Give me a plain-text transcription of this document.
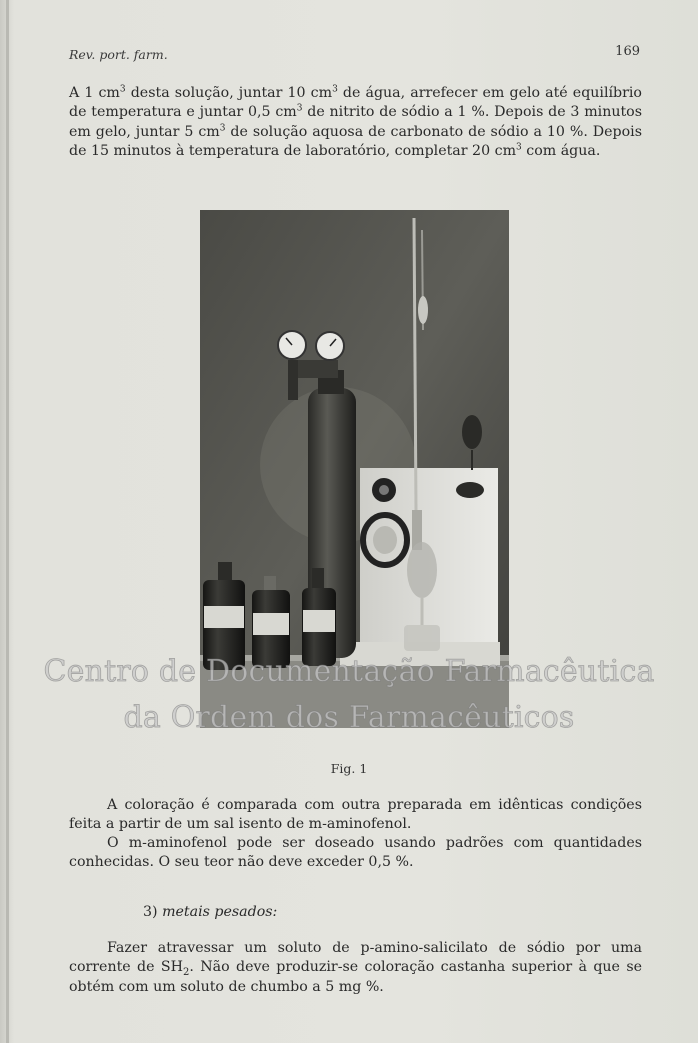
Rev. port. farm.	169

A 1 $cm^3$ desta solução, juntar 10 $cm^3$ de água, arrefecer em gelo até equilíbrio de temperatura e juntar 0,5 $cm^3$ de nitrito de sódio a 1 %. Depois de 3 minutos em gelo, juntar 5 $cm^3$ de solução aquosa de carbonato de sódio a 10 %. Depois de 15 minutos à temperatura de laboratório, completar 20 $cm^3$ com água.

Centro de Documentação Farmacêutica
da Ordem dos Farmacêuticos
Fig. 1

A coloração é comparada com outra preparada em idênticas condições feita a partir de um sal isento de m-aminofenol.

O m-aminofenol pode ser doseado usando padrões com quantidades conhecidas. O seu teor não deve exceder 0,5 %.

3) metais pesados:

Fazer atravessar um soluto de p-amino-salicilato de sódio por uma corrente de $SH_2$. Não deve produzir-se coloração castanha superior à que se obtém com um soluto de chumbo a 5 mg %.
